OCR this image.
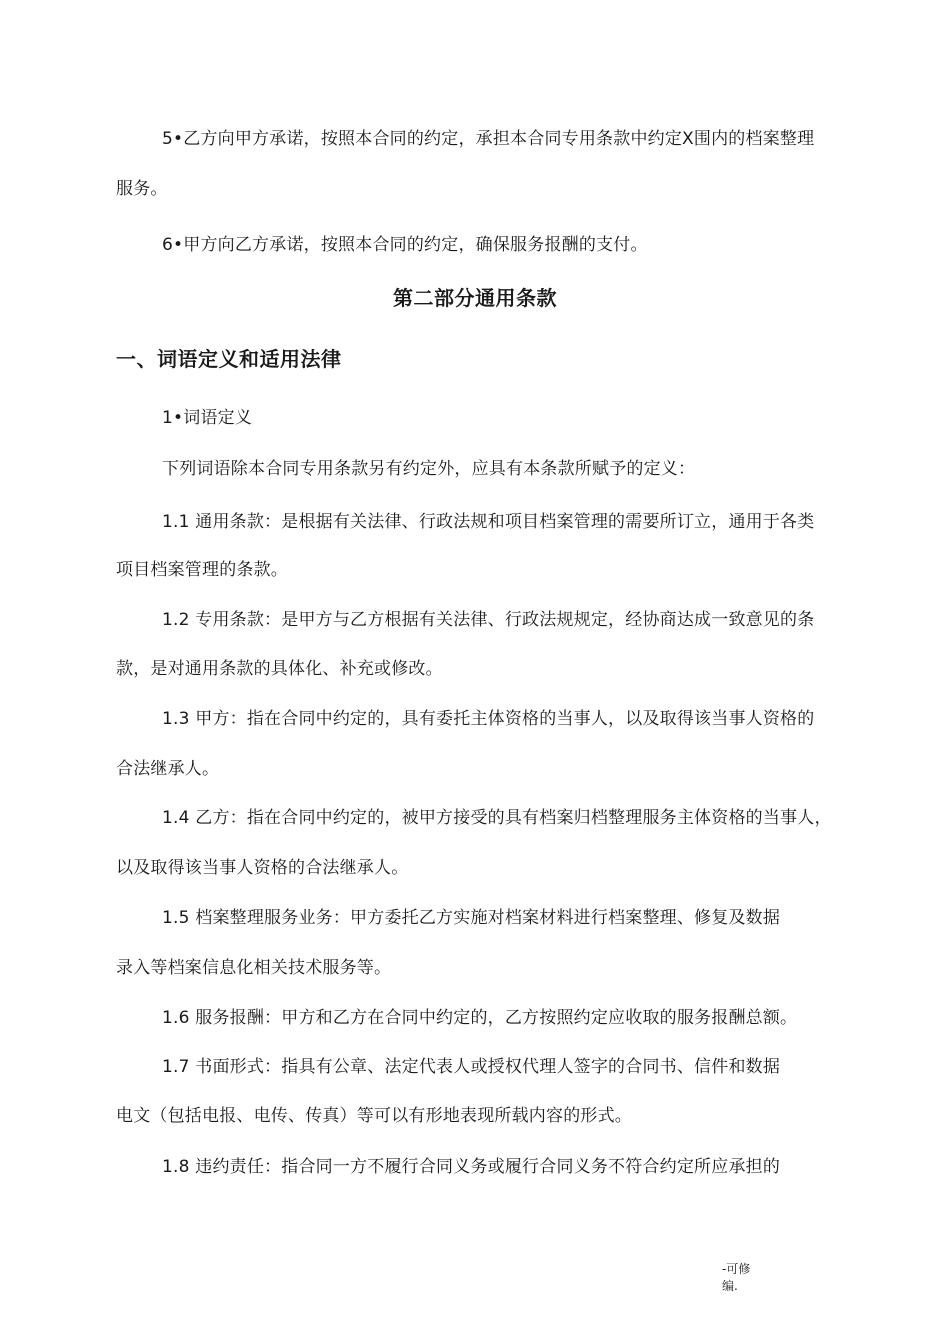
5•乙方向甲方承诺，按照本合同的约定，承担本合同专用条款中约定X围内的档案整理
服务。
6•甲方向乙方承诺，按照本合同的约定，确保服务报酬的支付。
第二部分通用条款
一、词语定义和适用法律
1•词语定义
下列词语除本合同专用条款另有约定外，应具有本条款所赋予的定义：
1.1 通用条款：是根据有关法律、行政法规和项目档案管理的需要所订立，通用于各类
项目档案管理的条款。
1.2 专用条款：是甲方与乙方根据有关法律、行政法规规定，经协商达成一致意见的条
款，是对通用条款的具体化、补充或修改。
1.3 甲方：指在合同中约定的，具有委托主体资格的当事人，以及取得该当事人资格的
合法继承人。
1.4 乙方：指在合同中约定的，被甲方接受的具有档案归档整理服务主体资格的当事人，
以及取得该当事人资格的合法继承人。
1.5 档案整理服务业务：甲方委托乙方实施对档案材料进行档案整理、修复及数据
录入等档案信息化相关技术服务等。
1.6 服务报酬：甲方和乙方在合同中约定的，乙方按照约定应收取的服务报酬总额。
1.7 书面形式：指具有公章、法定代表人或授权代理人签字的合同书、信件和数据
电文（包括电报、电传、传真）等可以有形地表现所载内容的形式。
1.8 违约责任：指合同一方不履行合同义务或履行合同义务不符合约定所应承担的
-可修
编.
